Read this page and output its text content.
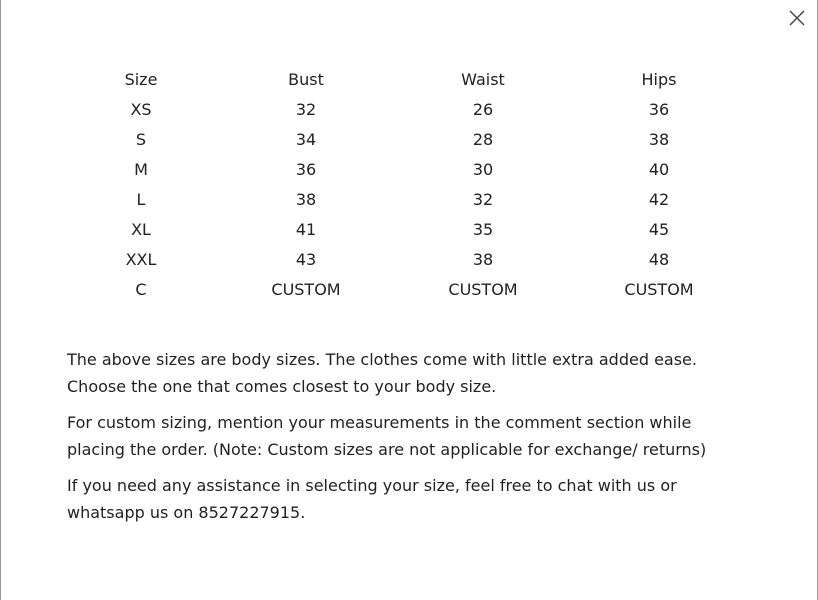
Size	Bust	Waist	Hips
XS	32	26	36
S	34	28	38
M	36	30	40
L	38	32	42
XL	41	35	45
XXL	43	38	48
C	CUSTOM	CUSTOM	CUSTOM

The above sizes are body sizes. The clothes come with little extra added ease. Choose the one that comes closest to your body size.

For custom sizing, mention your measurements in the comment section while placing the order. (Note: Custom sizes are not applicable for exchange/ returns)

If you need any assistance in selecting your size, feel free to chat with us or whatsapp us on 8527227915.
